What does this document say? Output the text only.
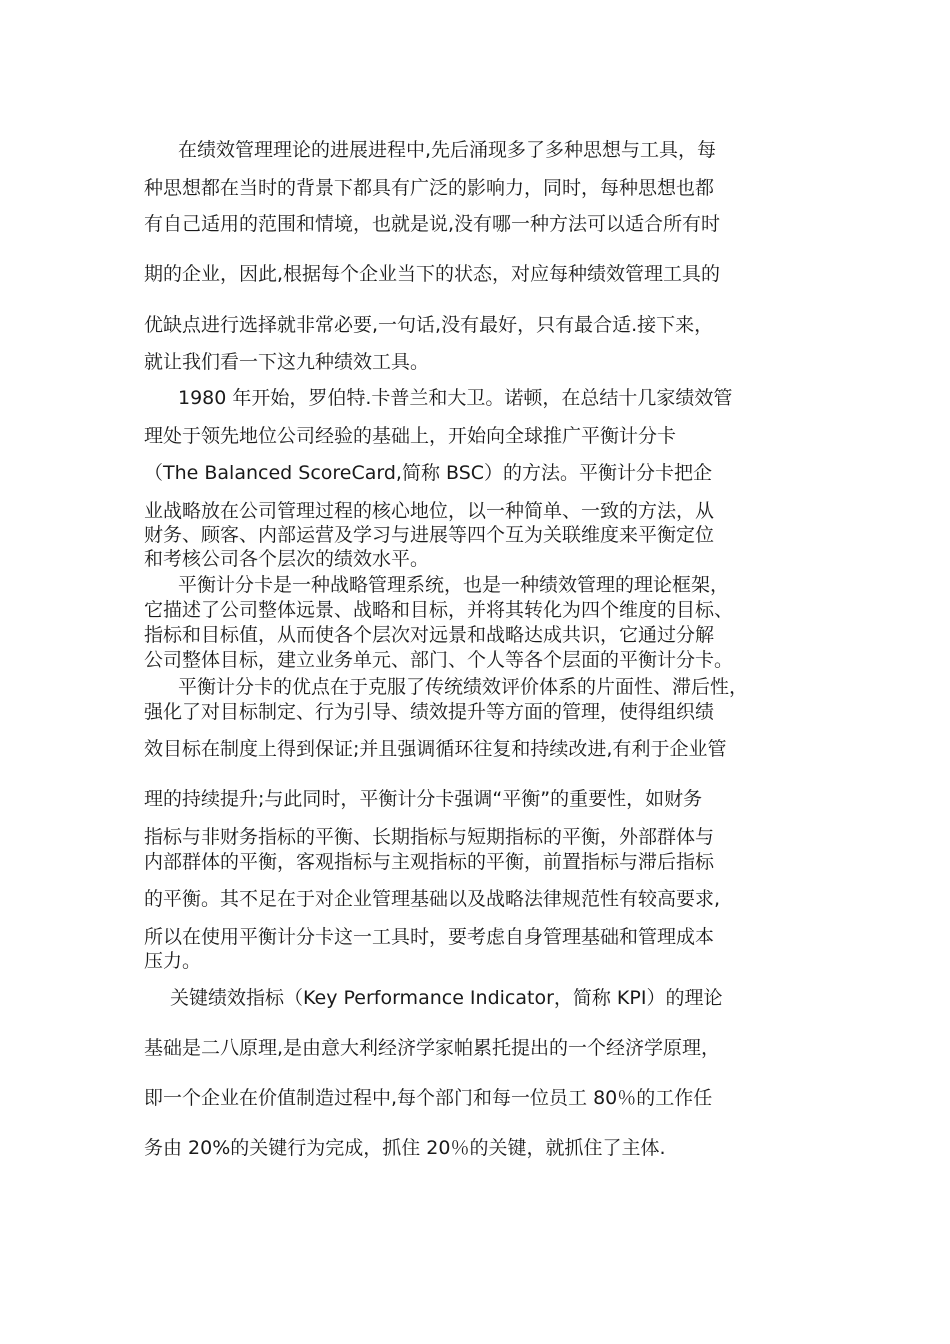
在绩效管理理论的进展进程中,先后涌现多了多种思想与工具，每
种思想都在当时的背景下都具有广泛的影响力，同时，每种思想也都
有自己适用的范围和情境，也就是说,没有哪一种方法可以适合所有时
期的企业，因此,根据每个企业当下的状态，对应每种绩效管理工具的
优缺点进行选择就非常必要,一句话,没有最好，只有最合适.接下来，
就让我们看一下这九种绩效工具。
1980 年开始，罗伯特.卡普兰和大卫。诺顿，在总结十几家绩效管
理处于领先地位公司经验的基础上，开始向全球推广平衡计分卡
（The Balanced ScoreCard,简称 BSC）的方法。平衡计分卡把企
业战略放在公司管理过程的核心地位，以一种简单、一致的方法，从
财务、顾客、内部运营及学习与进展等四个互为关联维度来平衡定位
和考核公司各个层次的绩效水平。
平衡计分卡是一种战略管理系统，也是一种绩效管理的理论框架，
它描述了公司整体远景、战略和目标，并将其转化为四个维度的目标、
指标和目标值，从而使各个层次对远景和战略达成共识，它通过分解
公司整体目标，建立业务单元、部门、个人等各个层面的平衡计分卡。
平衡计分卡的优点在于克服了传统绩效评价体系的片面性、滞后性，
强化了对目标制定、行为引导、绩效提升等方面的管理，使得组织绩
效目标在制度上得到保证;并且强调循环往复和持续改进,有利于企业管
理的持续提升;与此同时，平衡计分卡强调“平衡”的重要性，如财务
指标与非财务指标的平衡、长期指标与短期指标的平衡，外部群体与
内部群体的平衡，客观指标与主观指标的平衡，前置指标与滞后指标
的平衡。其不足在于对企业管理基础以及战略法律规范性有较高要求,
所以在使用平衡计分卡这一工具时，要考虑自身管理基础和管理成本
压力。
关键绩效指标（Key Performance Indicator，简称 KPI）的理论
基础是二八原理,是由意大利经济学家帕累托提出的一个经济学原理，
即一个企业在价值制造过程中,每个部门和每一位员工 80％的工作任
务由 20%的关键行为完成，抓住 20％的关键，就抓住了主体.
